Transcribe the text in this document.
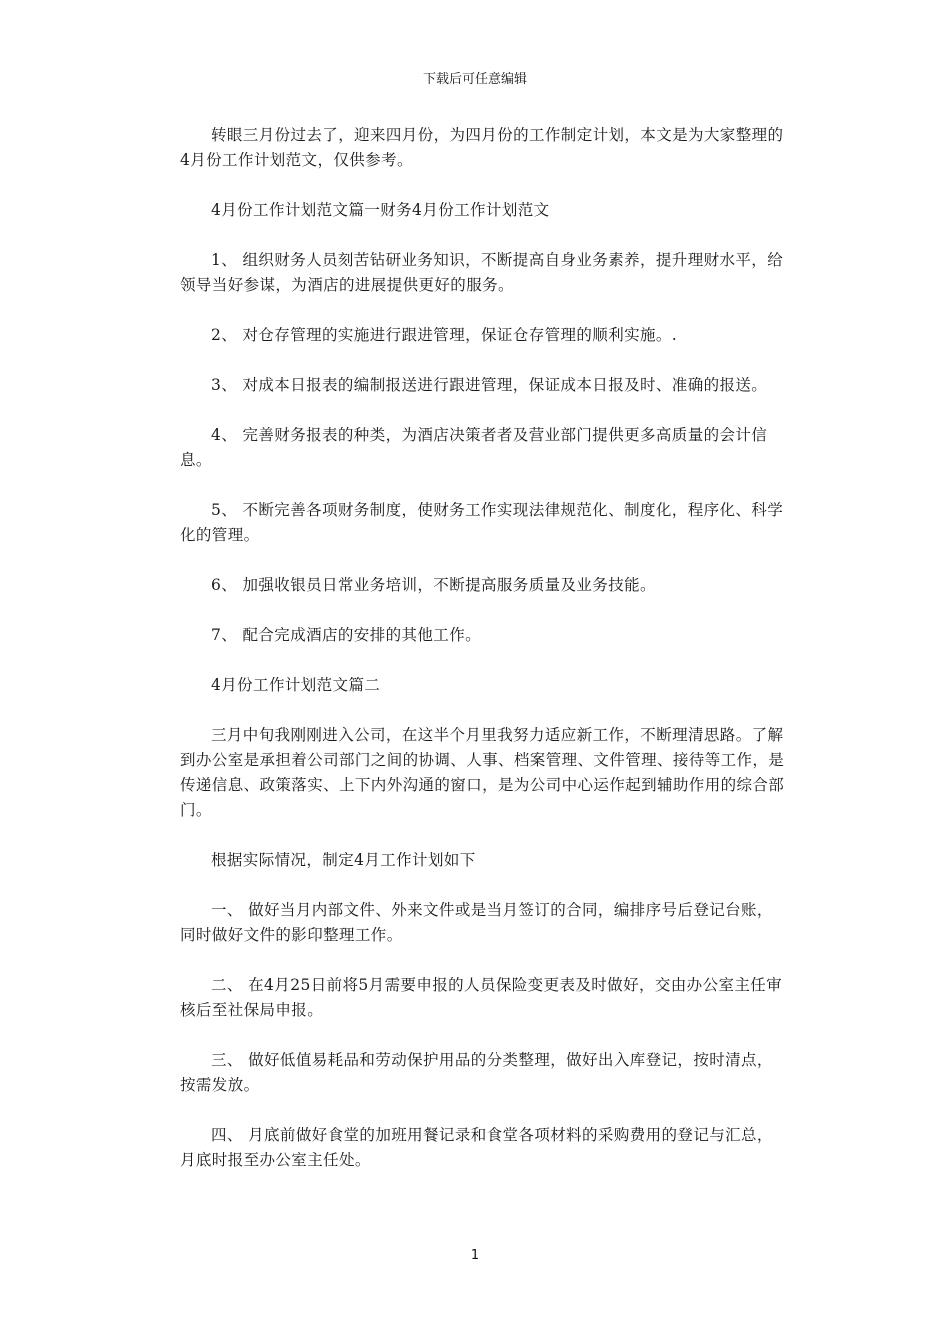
下载后可任意编辑

转眼三月份过去了，迎来四月份，为四月份的工作制定计划，本文是为大家整理的4月份工作计划范文，仅供参考。

4月份工作计划范文篇一财务4月份工作计划范文

1、 组织财务人员刻苦钻研业务知识，不断提高自身业务素养，提升理财水平，给领导当好参谋，为酒店的进展提供更好的服务。

2、 对仓存管理的实施进行跟进管理，保证仓存管理的顺利实施。.

3、 对成本日报表的编制报送进行跟进管理，保证成本日报及时、准确的报送。

4、 完善财务报表的种类，为酒店决策者者及营业部门提供更多高质量的会计信息。

5、 不断完善各项财务制度，使财务工作实现法律规范化、制度化，程序化、科学化的管理。

6、 加强收银员日常业务培训，不断提高服务质量及业务技能。

7、 配合完成酒店的安排的其他工作。

4月份工作计划范文篇二

三月中旬我刚刚进入公司，在这半个月里我努力适应新工作，不断理清思路。了解到办公室是承担着公司部门之间的协调、人事、档案管理、文件管理、接待等工作，是传递信息、政策落实、上下内外沟通的窗口，是为公司中心运作起到辅助作用的综合部门。

根据实际情况，制定4月工作计划如下

一、 做好当月内部文件、外来文件或是当月签订的合同，编排序号后登记台账，同时做好文件的影印整理工作。

二、 在4月25日前将5月需要申报的人员保险变更表及时做好，交由办公室主任审核后至社保局申报。

三、 做好低值易耗品和劳动保护用品的分类整理，做好出入库登记，按时清点，按需发放。

四、 月底前做好食堂的加班用餐记录和食堂各项材料的采购费用的登记与汇总，月底时报至办公室主任处。

1
